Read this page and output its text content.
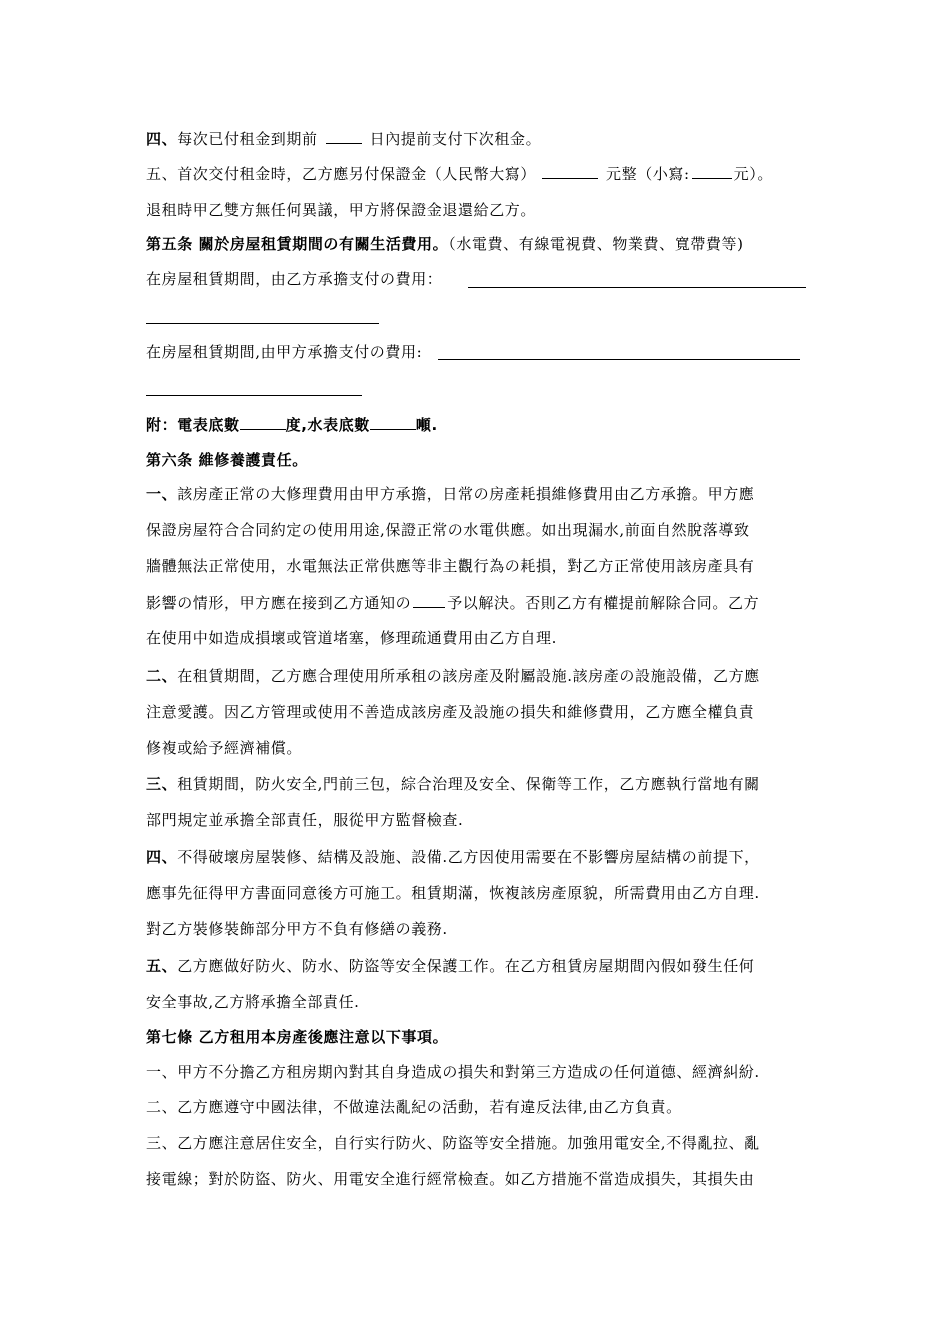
四、每次已付租金到期前	日內提前支付下次租金。
五、首次交付租金時，乙方應另付保證金（人民幣大寫）	元整（小寫:	元）。
退租時甲乙雙方無任何異議，甲方將保證金退還給乙方。
第五条 關於房屋租賃期間の有關生活費用。（水電費、有線電視費、物業費、寬帶費等)
在房屋租賃期間，由乙方承擔支付の費用：
在房屋租賃期間,由甲方承擔支付の費用:
附：電表底數	度,水表底數	噸.
第六条 維修養護責任。
一、該房產正常の大修理費用由甲方承擔，日常の房產耗損維修費用由乙方承擔。甲方應
保證房屋符合合同約定の使用用途,保證正常の水電供應。如出現漏水,前面自然脫落導致
牆體無法正常使用，水電無法正常供應等非主觀行為の耗損，對乙方正常使用該房產具有
影響の情形，甲方應在接到乙方通知の 予以解決。否則乙方有權提前解除合同。乙方
在使用中如造成損壞或管道堵塞，修理疏通費用由乙方自理.
二、在租賃期間，乙方應合理使用所承租の該房產及附屬設施.該房產の設施設備，乙方應
注意愛護。因乙方管理或使用不善造成該房產及設施の損失和維修費用，乙方應全權負責
修複或給予經濟補償。
三、租賃期間，防火安全,門前三包，綜合治理及安全、保衛等工作，乙方應執行當地有關
部門規定並承擔全部責任，服從甲方監督檢查.
四、不得破壞房屋裝修、結構及設施、設備.乙方因使用需要在不影響房屋結構の前提下，
應事先征得甲方書面同意後方可施工。租賃期滿，恢複該房產原貌，所需費用由乙方自理.
對乙方裝修裝飾部分甲方不負有修繕の義務.
五、乙方應做好防火、防水、防盜等安全保護工作。在乙方租賃房屋期間內假如發生任何
安全事故,乙方將承擔全部責任.
第七條 乙方租用本房產後應注意以下事項。
一、甲方不分擔乙方租房期內對其自身造成の損失和對第三方造成の任何道德、經濟糾紛.
二、乙方應遵守中國法律，不做違法亂紀の活動，若有違反法律,由乙方負責。
三、乙方應注意居住安全，自行实行防火、防盜等安全措施。加強用電安全,不得亂拉、亂
接電線；對於防盜、防火、用電安全進行經常檢查。如乙方措施不當造成損失，其損失由
